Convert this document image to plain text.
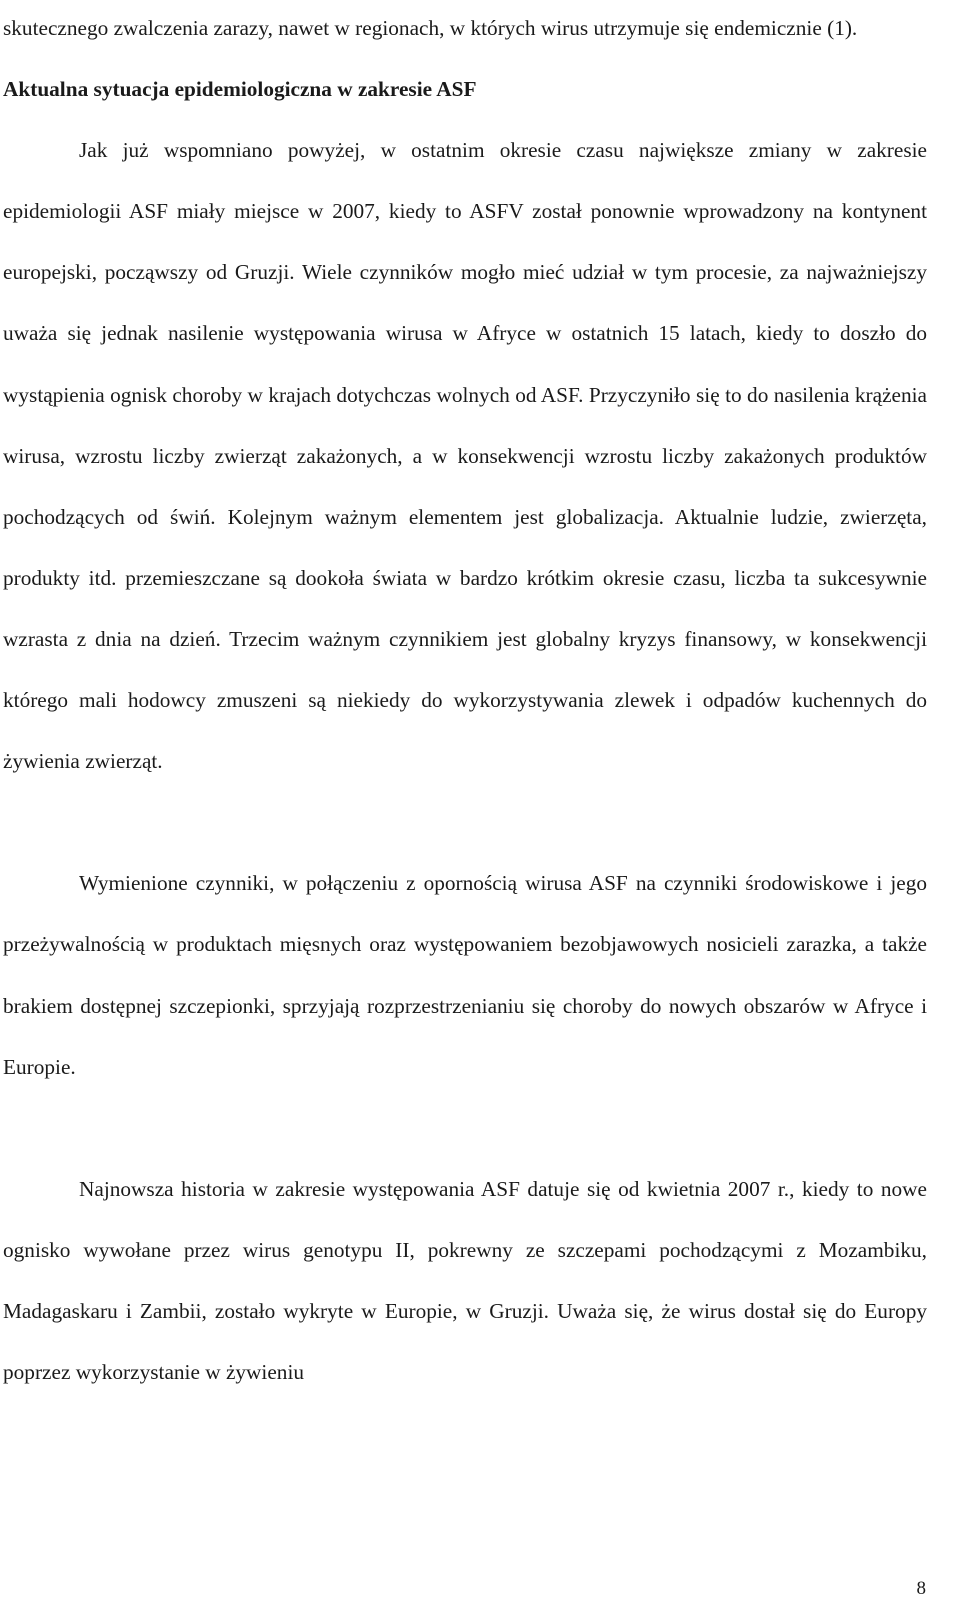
skutecznego zwalczenia zarazy, nawet w regionach, w których wirus utrzymuje się endemicznie (1).

Aktualna sytuacja epidemiologiczna w zakresie ASF

Jak już wspomniano powyżej, w ostatnim okresie czasu największe zmiany w zakresie epidemiologii ASF miały miejsce w 2007, kiedy to ASFV został ponownie wprowadzony na kontynent europejski, począwszy od Gruzji. Wiele czynników mogło mieć udział w tym procesie, za najważniejszy uważa się jednak nasilenie występowania wirusa w Afryce w ostatnich 15 latach, kiedy to doszło do wystąpienia ognisk choroby w krajach dotychczas wolnych od ASF. Przyczyniło się to do nasilenia krążenia wirusa, wzrostu liczby zwierząt zakażonych, a w konsekwencji wzrostu liczby zakażonych produktów pochodzących od świń. Kolejnym ważnym elementem jest globalizacja. Aktualnie ludzie, zwierzęta, produkty itd. przemieszczane są dookoła świata w bardzo krótkim okresie czasu, liczba ta sukcesywnie wzrasta z dnia na dzień. Trzecim ważnym czynnikiem jest globalny kryzys finansowy, w konsekwencji którego mali hodowcy zmuszeni są niekiedy do wykorzystywania zlewek i odpadów kuchennych do żywienia zwierząt.

Wymienione czynniki, w połączeniu z opornością wirusa ASF na czynniki środowiskowe i jego przeżywalnością w produktach mięsnych oraz występowaniem bezobjawowych nosicieli zarazka, a także brakiem dostępnej szczepionki, sprzyjają rozprzestrzenianiu się choroby do nowych obszarów w Afryce i Europie.

Najnowsza historia w zakresie występowania ASF datuje się od kwietnia 2007 r., kiedy to nowe ognisko wywołane przez wirus genotypu II, pokrewny ze szczepami pochodzącymi z Mozambiku, Madagaskaru i Zambii, zostało wykryte w Europie, w Gruzji. Uważa się, że wirus dostał się do Europy poprzez wykorzystanie w żywieniu

8
